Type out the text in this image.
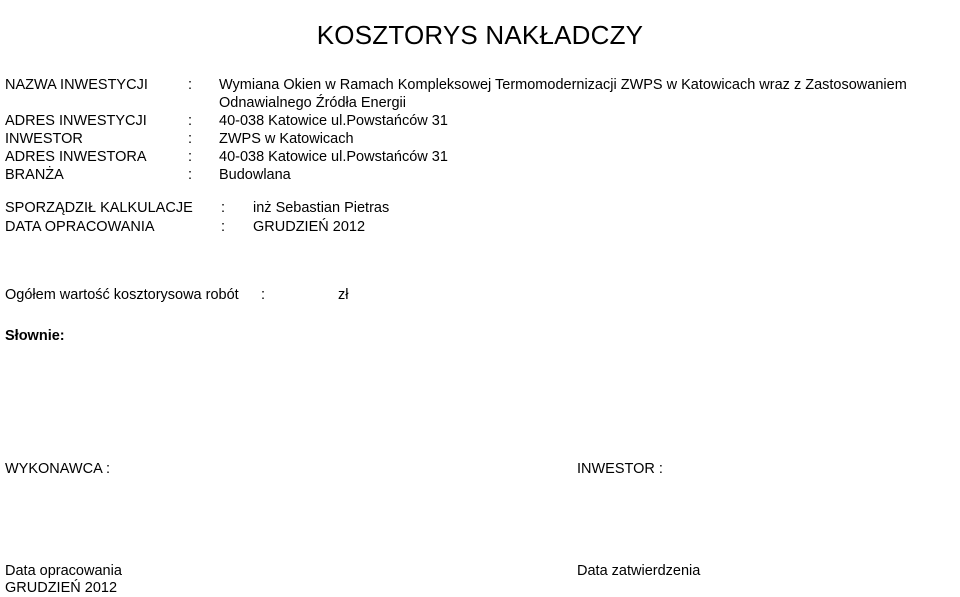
KOSZTORYS NAKŁADCZY
NAZWA INWESTYCJI	: Wymiana Okien w Ramach Kompleksowej Termomodernizacji ZWPS w Katowicach wraz z Zastosowaniem
Odnawialnego Źródła Energii
ADRES INWESTYCJI	: 40-038 Katowice ul.Powstańców 31
INWESTOR	: ZWPS w Katowicach
ADRES INWESTORA	: 40-038 Katowice ul.Powstańców 31
BRANŻA	: Budowlana
SPORZĄDZIŁ KALKULACJE : inż Sebastian Pietras
DATA OPRACOWANIA	: GRUDZIEŃ 2012
Ogółem wartość kosztorysowa robót :	zł
Słownie:
WYKONAWCA :	INWESTOR :
Data opracowania
GRUDZIEŃ 2012
Data zatwierdzenia
